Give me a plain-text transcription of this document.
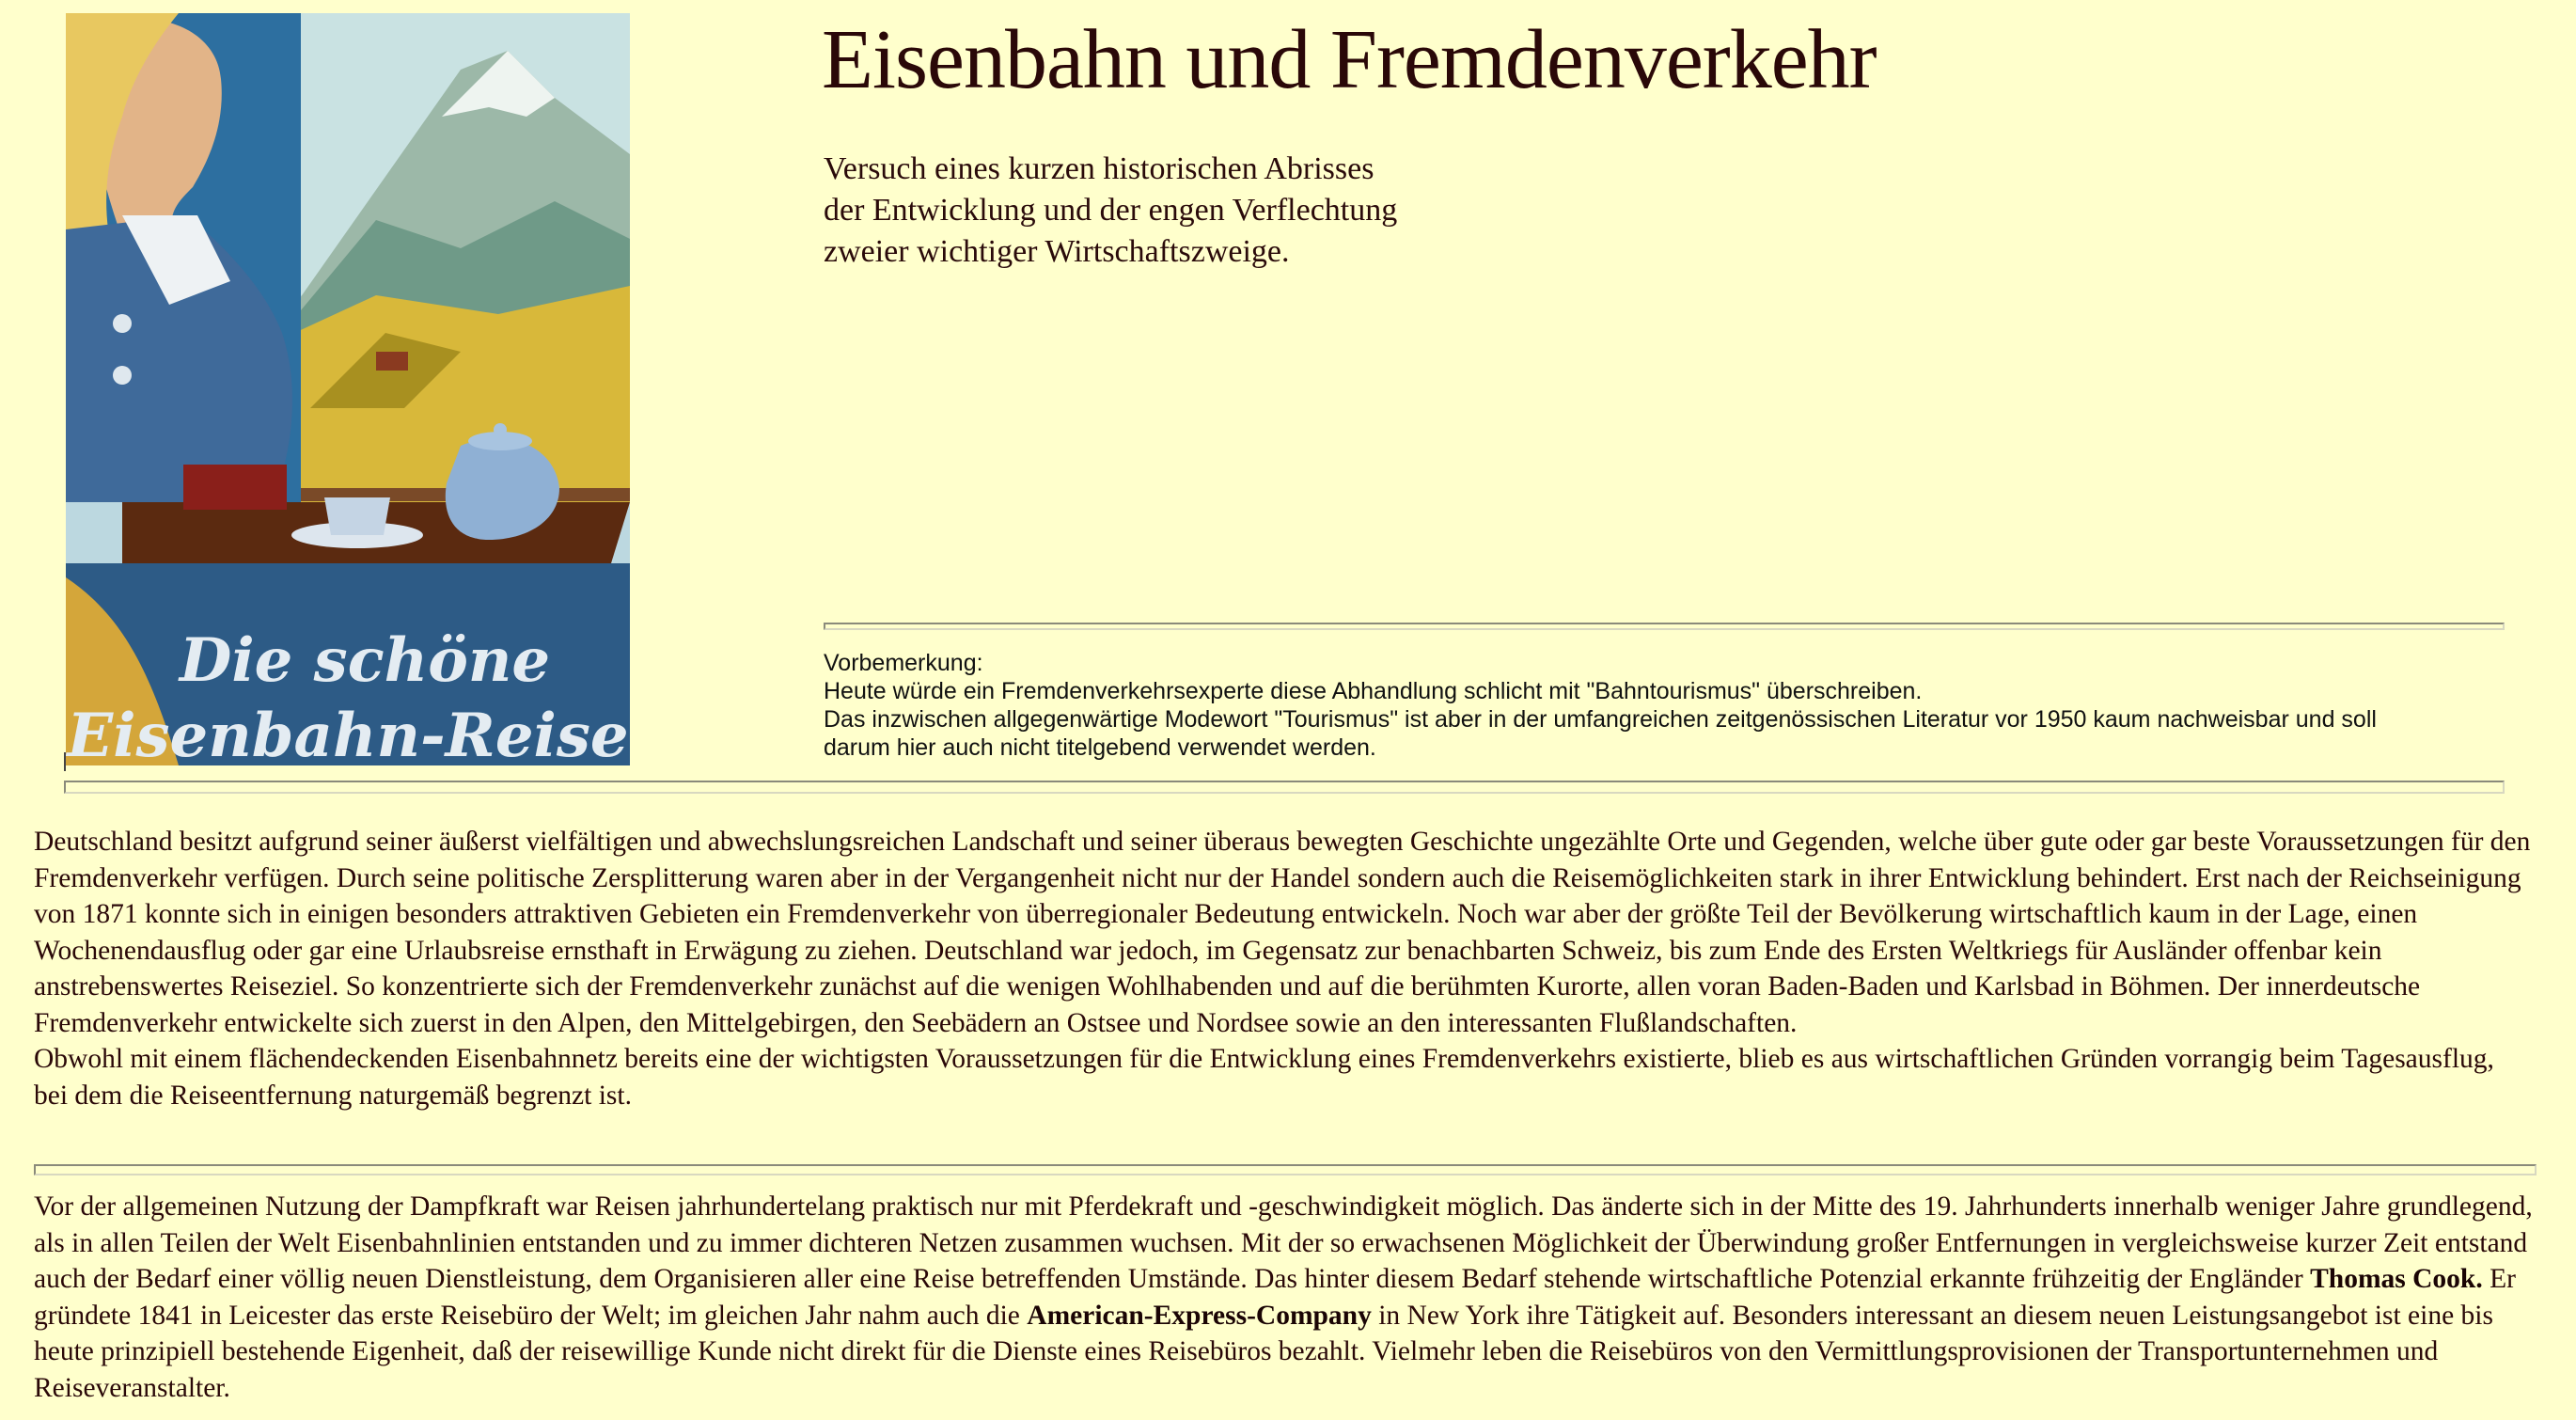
Die schöne
Eisenbahn-Reise
Eisenbahn und Fremdenverkehr
Versuch eines kurzen historischen Abrisses
der Entwicklung und der engen Verflechtung
zweier wichtiger Wirtschaftszweige.
Vorbemerkung:
Heute würde ein Fremdenverkehrsexperte diese Abhandlung schlicht mit "Bahntourismus" überschreiben.
Das inzwischen allgegenwärtige Modewort "Tourismus" ist aber in der umfangreichen zeitgenössischen Literatur vor 1950 kaum nachweisbar und soll
darum hier auch nicht titelgebend verwendet werden.

Deutschland besitzt aufgrund seiner äußerst vielfältigen und abwechslungsreichen Landschaft und seiner überaus bewegten Geschichte ungezählte Orte und Gegenden, welche über gute oder gar beste Voraussetzungen für den Fremdenverkehr verfügen. Durch seine politische Zersplitterung waren aber in der Vergangenheit nicht nur der Handel sondern auch die Reisemöglichkeiten stark in ihrer Entwicklung behindert. Erst nach der Reichseinigung von 1871 konnte sich in einigen besonders attraktiven Gebieten ein Fremdenverkehr von überregionaler Bedeutung entwickeln. Noch war aber der größte Teil der Bevölkerung wirtschaftlich kaum in der Lage, einen Wochenendausflug oder gar eine Urlaubsreise ernsthaft in Erwägung zu ziehen. Deutschland war jedoch, im Gegensatz zur benachbarten Schweiz, bis zum Ende des Ersten Weltkriegs für Ausländer offenbar kein anstrebenswertes Reiseziel. So konzentrierte sich der Fremdenverkehr zunächst auf die wenigen Wohlhabenden und auf die berühmten Kurorte, allen voran Baden-Baden und Karlsbad in Böhmen. Der innerdeutsche Fremdenverkehr entwickelte sich zuerst in den Alpen, den Mittelgebirgen, den Seebädern an Ostsee und Nordsee sowie an den interessanten Flußlandschaften.

Obwohl mit einem flächendeckenden Eisenbahnnetz bereits eine der wichtigsten Voraussetzungen für die Entwicklung eines Fremdenverkehrs existierte, blieb es aus wirtschaftlichen Gründen vorrangig beim Tagesausflug, bei dem die Reiseentfernung naturgemäß begrenzt ist.

Vor der allgemeinen Nutzung der Dampfkraft war Reisen jahrhundertelang praktisch nur mit Pferdekraft und -geschwindigkeit möglich. Das änderte sich in der Mitte des 19. Jahrhunderts innerhalb weniger Jahre grundlegend, als in allen Teilen der Welt Eisenbahnlinien entstanden und zu immer dichteren Netzen zusammen wuchsen. Mit der so erwachsenen Möglichkeit der Überwindung großer Entfernungen in vergleichsweise kurzer Zeit entstand auch der Bedarf einer völlig neuen Dienstleistung, dem Organisieren aller eine Reise betreffenden Umstände. Das hinter diesem Bedarf stehende wirtschaftliche Potenzial erkannte frühzeitig der Engländer Thomas Cook. Er gründete 1841 in Leicester das erste Reisebüro der Welt; im gleichen Jahr nahm auch die American-Express-Company in New York ihre Tätigkeit auf. Besonders interessant an diesem neuen Leistungsangebot ist eine bis heute prinzipiell bestehende Eigenheit, daß der reisewillige Kunde nicht direkt für die Dienste eines Reisebüros bezahlt. Vielmehr leben die Reisebüros von den Vermittlungsprovisionen der Transportunternehmen und Reiseveranstalter.
